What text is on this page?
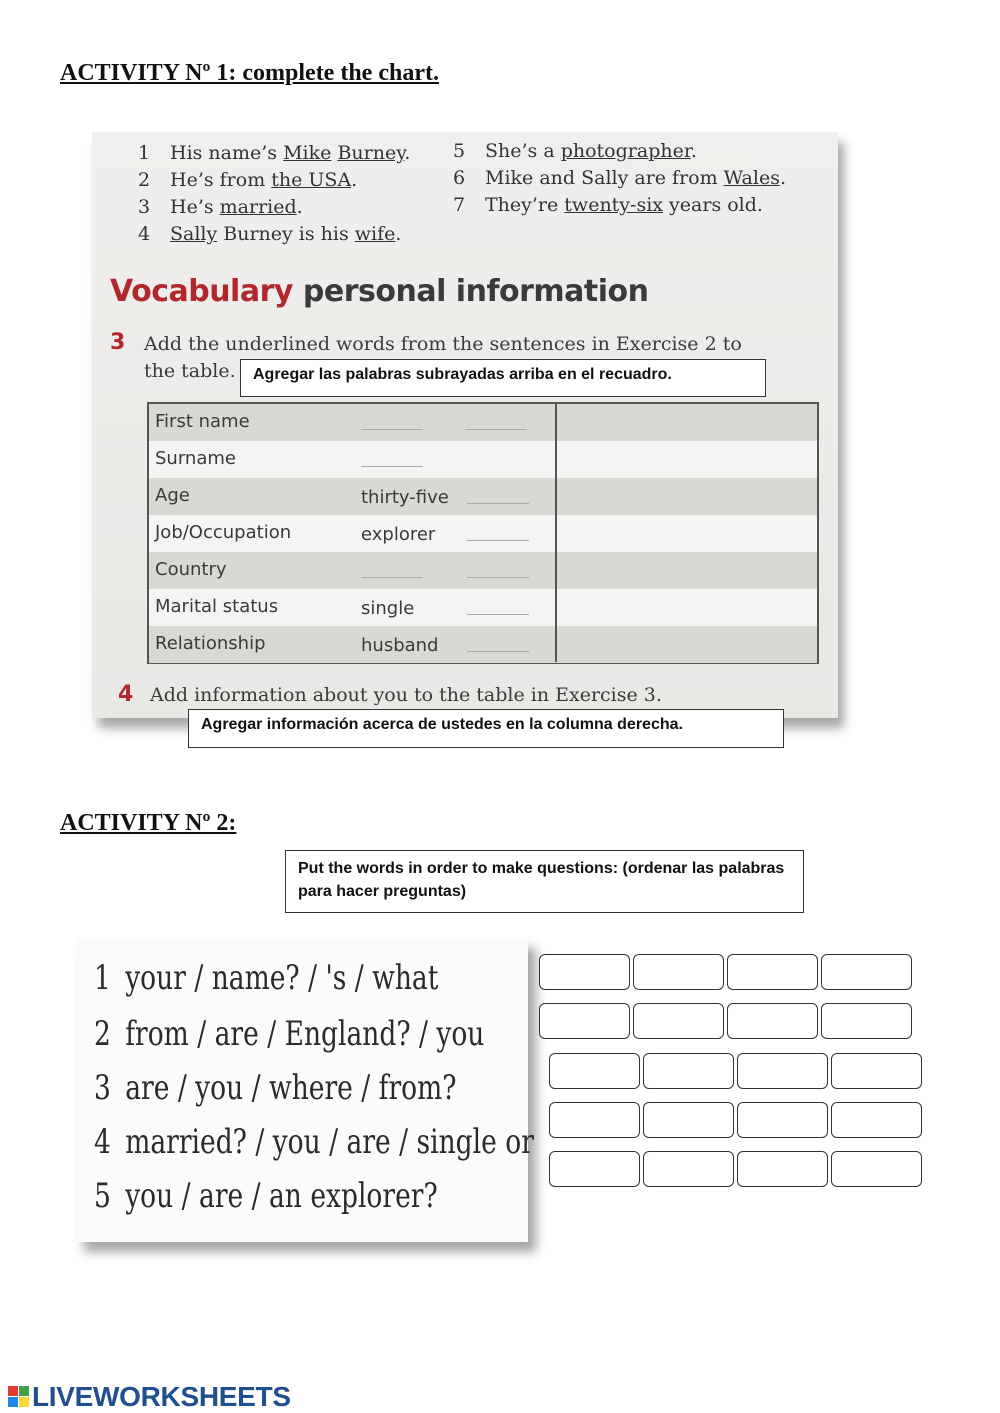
ACTIVITY Nº 1: complete the chart.
1 His name’s Mike Burney.
2 He’s from the USA.
3 He’s married.
4 Sally Burney is his wife.
5 She’s a photographer.
6 Mike and Sally are from Wales.
7 They’re twenty-six years old.
Vocabulary personal information
3 Add the underlined words from the sentences in Exercise 2 to
the table.
First name
Surname
Age	thirty-five
Job/Occupation	explorer
Country
Marital status	single
Relationship	husband
4 Add information about you to the table in Exercise 3.
Agregar las palabras subrayadas arriba en el recuadro.
Agregar información acerca de ustedes en la columna derecha.
ACTIVITY Nº 2:
Put the words in order to make questions: (ordenar las palabras para hacer preguntas)
1 your / name? / 's / what
2 from / are / England? / you
3 are / you / where / from?
4 married? / you / are / single or
5 you / are / an explorer?
LIVEWORKSHEETS
